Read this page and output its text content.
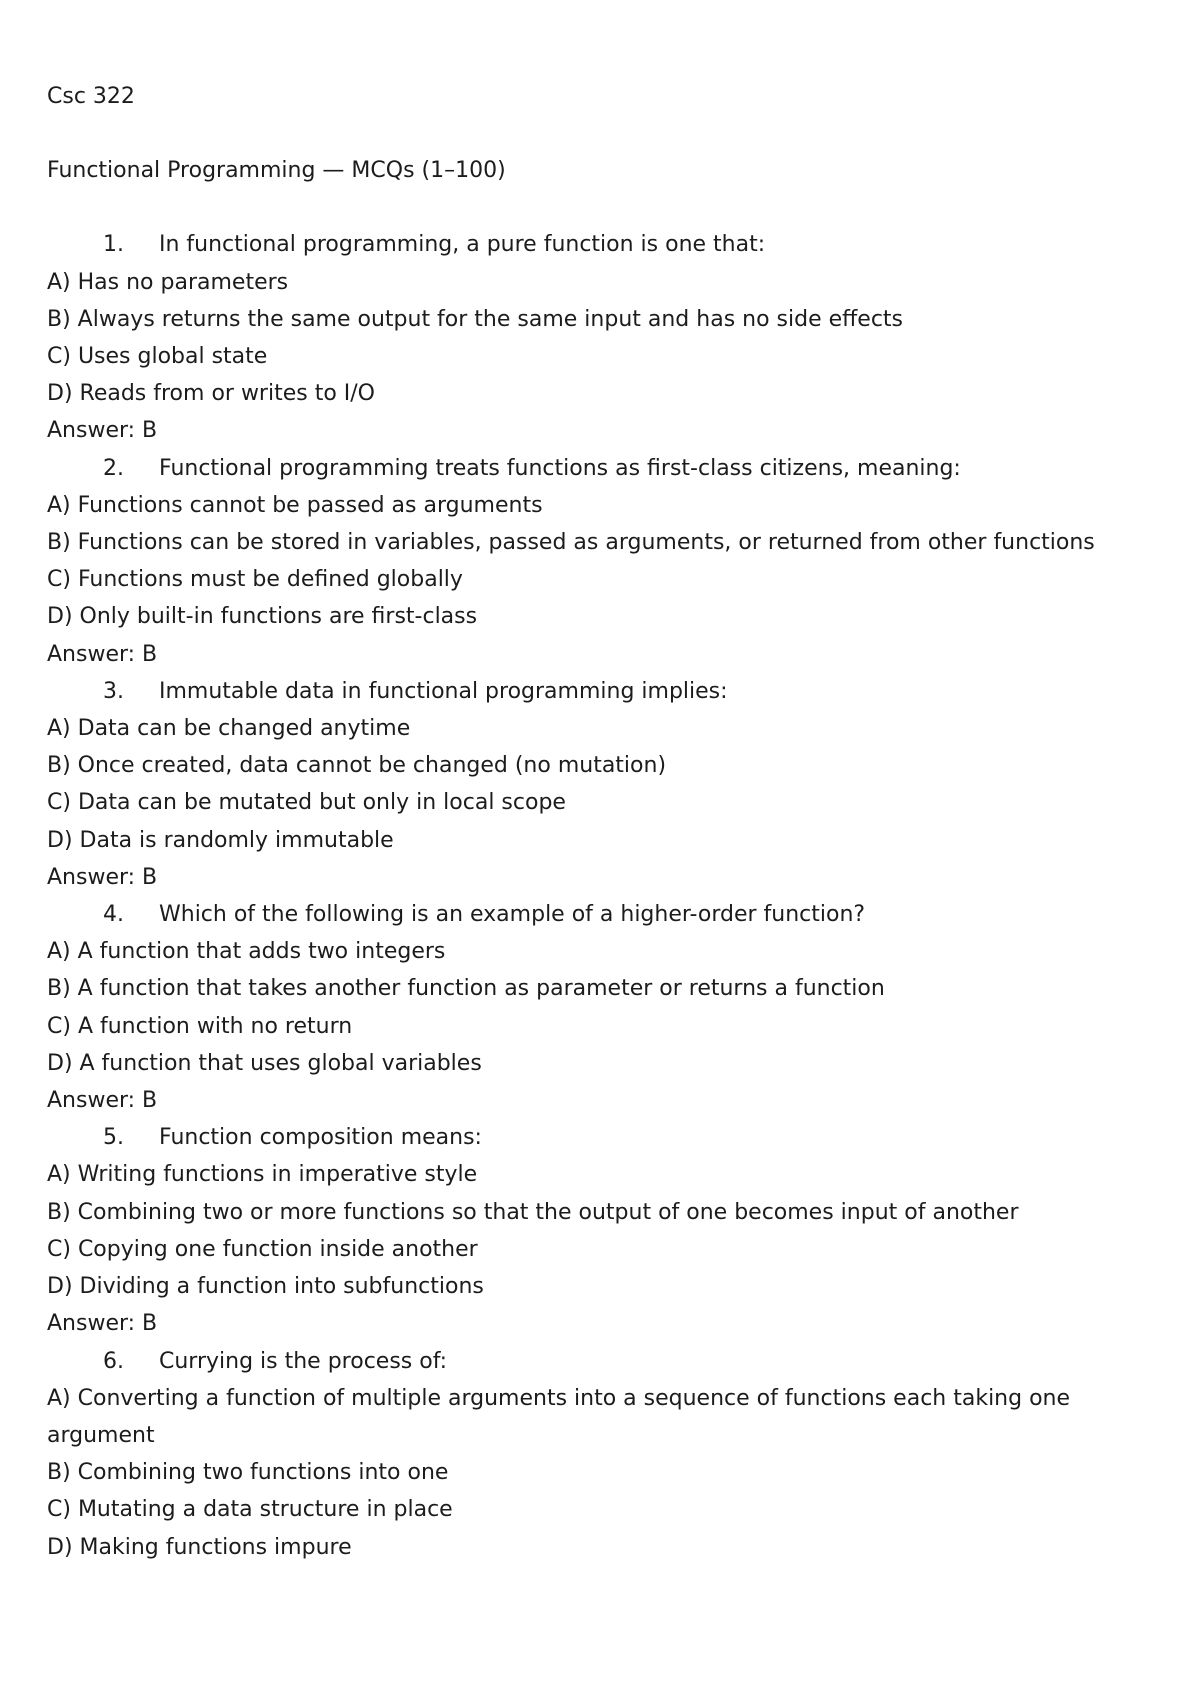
Csc 322
Functional Programming — MCQs (1–100)
1.	In functional programming, a pure function is one that:
A) Has no parameters
B) Always returns the same output for the same input and has no side effects
C) Uses global state
D) Reads from or writes to I/O
Answer: B
2.	Functional programming treats functions as first-class citizens, meaning:
A) Functions cannot be passed as arguments
B) Functions can be stored in variables, passed as arguments, or returned from other functions
C) Functions must be defined globally
D) Only built-in functions are first-class
Answer: B
3.	Immutable data in functional programming implies:
A) Data can be changed anytime
B) Once created, data cannot be changed (no mutation)
C) Data can be mutated but only in local scope
D) Data is randomly immutable
Answer: B
4.	Which of the following is an example of a higher-order function?
A) A function that adds two integers
B) A function that takes another function as parameter or returns a function
C) A function with no return
D) A function that uses global variables
Answer: B
5.	Function composition means:
A) Writing functions in imperative style
B) Combining two or more functions so that the output of one becomes input of another
C) Copying one function inside another
D) Dividing a function into subfunctions
Answer: B
6.	Currying is the process of:
A) Converting a function of multiple arguments into a sequence of functions each taking one argument
B) Combining two functions into one
C) Mutating a data structure in place
D) Making functions impure
